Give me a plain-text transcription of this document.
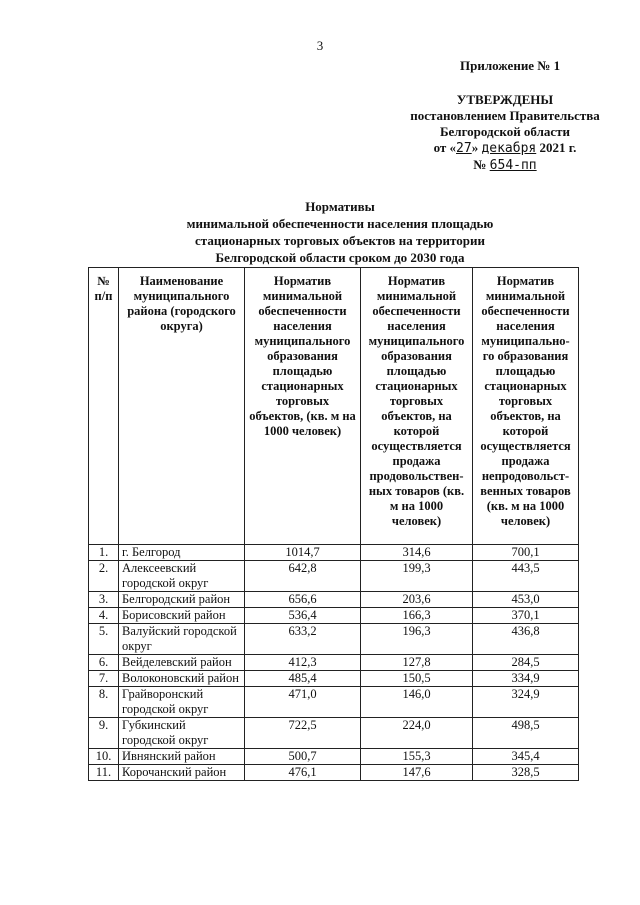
3
Приложение № 1
УТВЕРЖДЕНЫ
постановлением Правительства
Белгородской области
от «27» декабря 2021 г.
№ 654-пп
Нормативы
минимальной обеспеченности населения площадью
стационарных торговых объектов на территории
Белгородской области сроком до 2030 года
№ п/п	Наименование муниципального района (городского округа)	Норматив минимальной обеспеченности населения муниципального образования площадью стационарных торговых объектов, (кв. м на 1000 человек)	Норматив минимальной обеспеченности населения муниципального образования площадью стационарных торговых объектов, на которой осуществляется продажа продовольствен-ных товаров (кв. м на 1000 человек)	Норматив минимальной обеспеченности населения муниципально-го образования площадью стационарных торговых объектов, на которой осуществляется продажа непродовольст-венных товаров (кв. м на 1000 человек)
1.	г. Белгород	1014,7	314,6	700,1
2.	Алексеевский городской округ	642,8	199,3	443,5
3.	Белгородский район	656,6	203,6	453,0
4.	Борисовский район	536,4	166,3	370,1
5.	Валуйский городской округ	633,2	196,3	436,8
6.	Вейделевский район	412,3	127,8	284,5
7.	Волоконовский район	485,4	150,5	334,9
8.	Грайворонский городской округ	471,0	146,0	324,9
9.	Губкинский городской округ	722,5	224,0	498,5
10.	Ивнянский район	500,7	155,3	345,4
11.	Корочанский район	476,1	147,6	328,5
